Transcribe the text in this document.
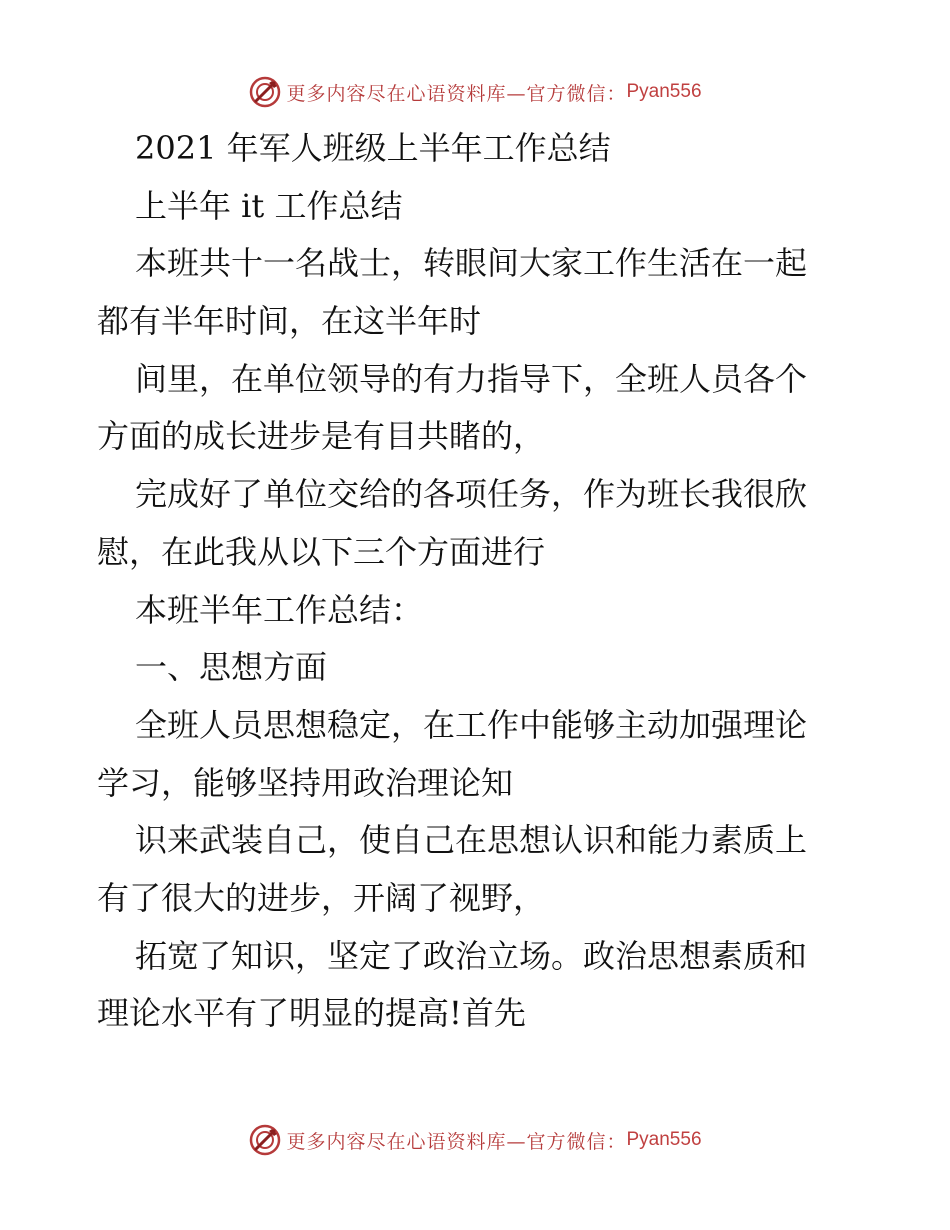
更多内容尽在心语资料库—官方微信： Pyan556
2021 年军人班级上半年工作总结
上半年 it 工作总结
本班共十一名战士，转眼间大家工作生活在一起
都有半年时间，在这半年时
间里，在单位领导的有力指导下，全班人员各个
方面的成长进步是有目共睹的，
完成好了单位交给的各项任务，作为班长我很欣
慰，在此我从以下三个方面进行
本班半年工作总结：
一、思想方面
全班人员思想稳定，在工作中能够主动加强理论
学习，能够坚持用政治理论知
识来武装自己，使自己在思想认识和能力素质上
有了很大的进步，开阔了视野，
拓宽了知识，坚定了政治立场。政治思想素质和
理论水平有了明显的提高!首先
更多内容尽在心语资料库—官方微信： Pyan556
